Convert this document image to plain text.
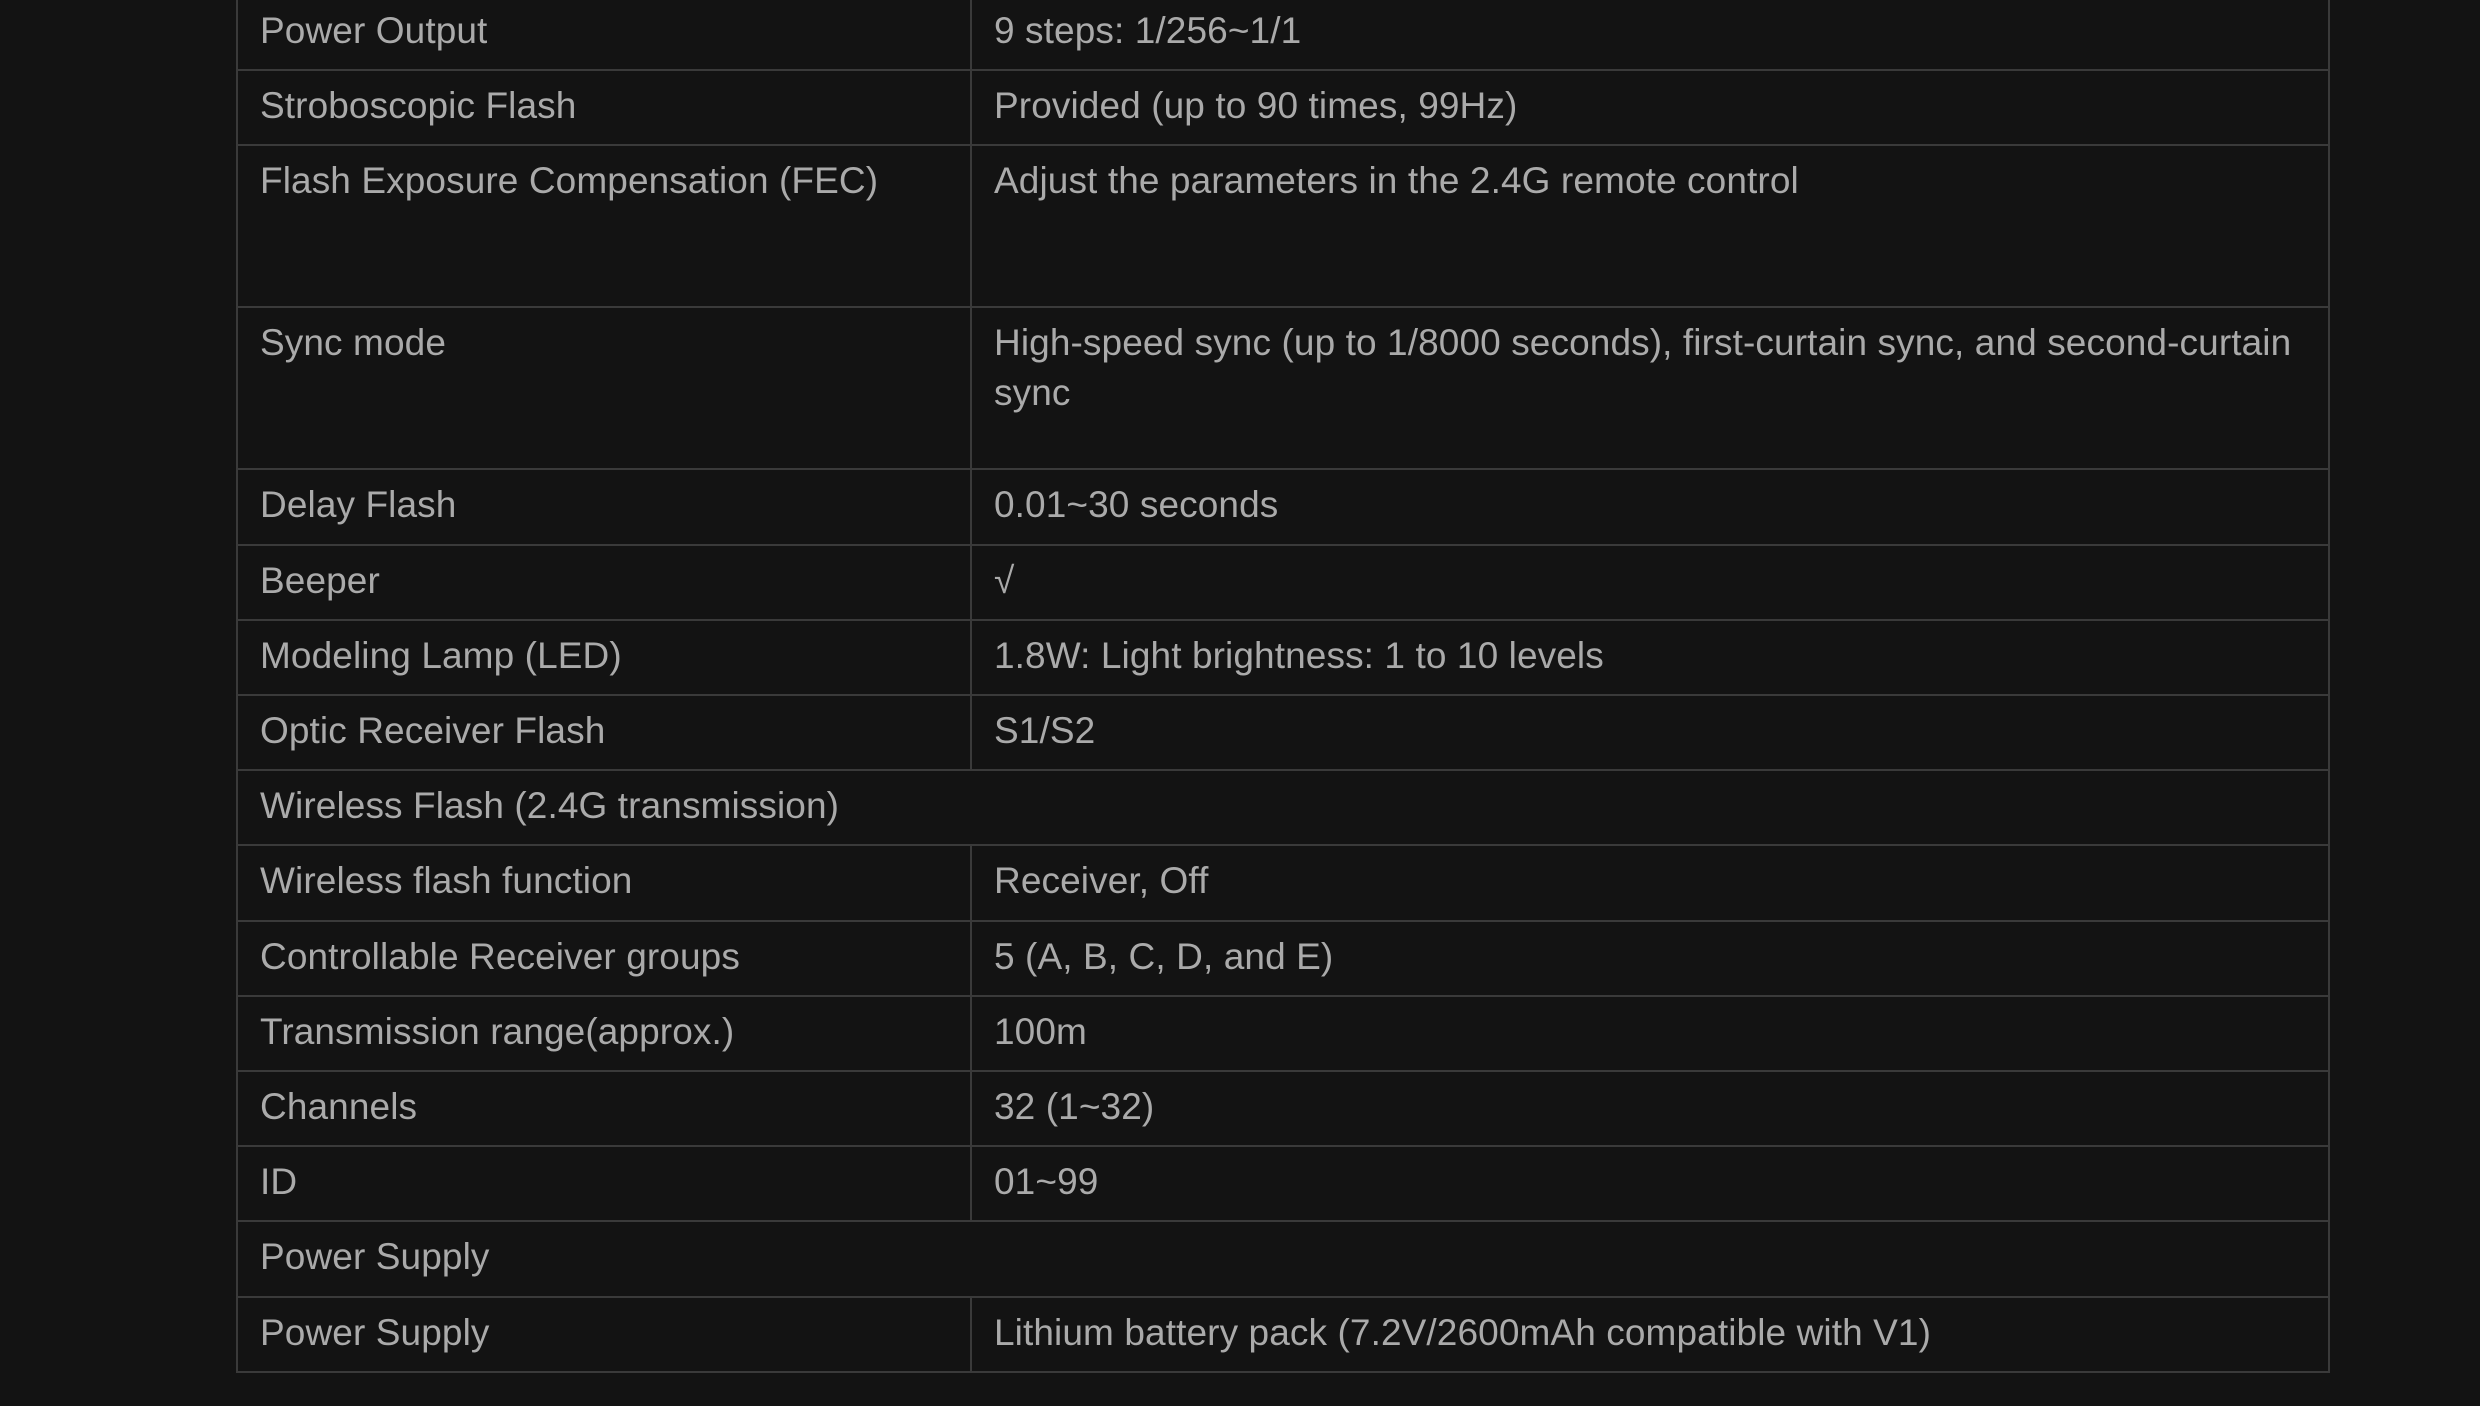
Power Output	9 steps: 1/256~1/1
Stroboscopic Flash	Provided (up to 90 times, 99Hz)
Flash Exposure Compensation (FEC)	Adjust the parameters in the 2.4G remote control
Sync mode	High-speed sync (up to 1/8000 seconds), first-curtain sync, and second-curtain sync
Delay Flash	0.01~30 seconds
Beeper	√
Modeling Lamp (LED)	1.8W: Light brightness: 1 to 10 levels
Optic Receiver Flash	S1/S2
Wireless Flash (2.4G transmission)	
Wireless flash function	Receiver, Off
Controllable Receiver groups	5 (A, B, C, D, and E)
Transmission range(approx.)	100m
Channels	32 (1~32)
ID	01~99
Power Supply	
Power Supply	Lithium battery pack (7.2V/2600mAh compatible with V1)
